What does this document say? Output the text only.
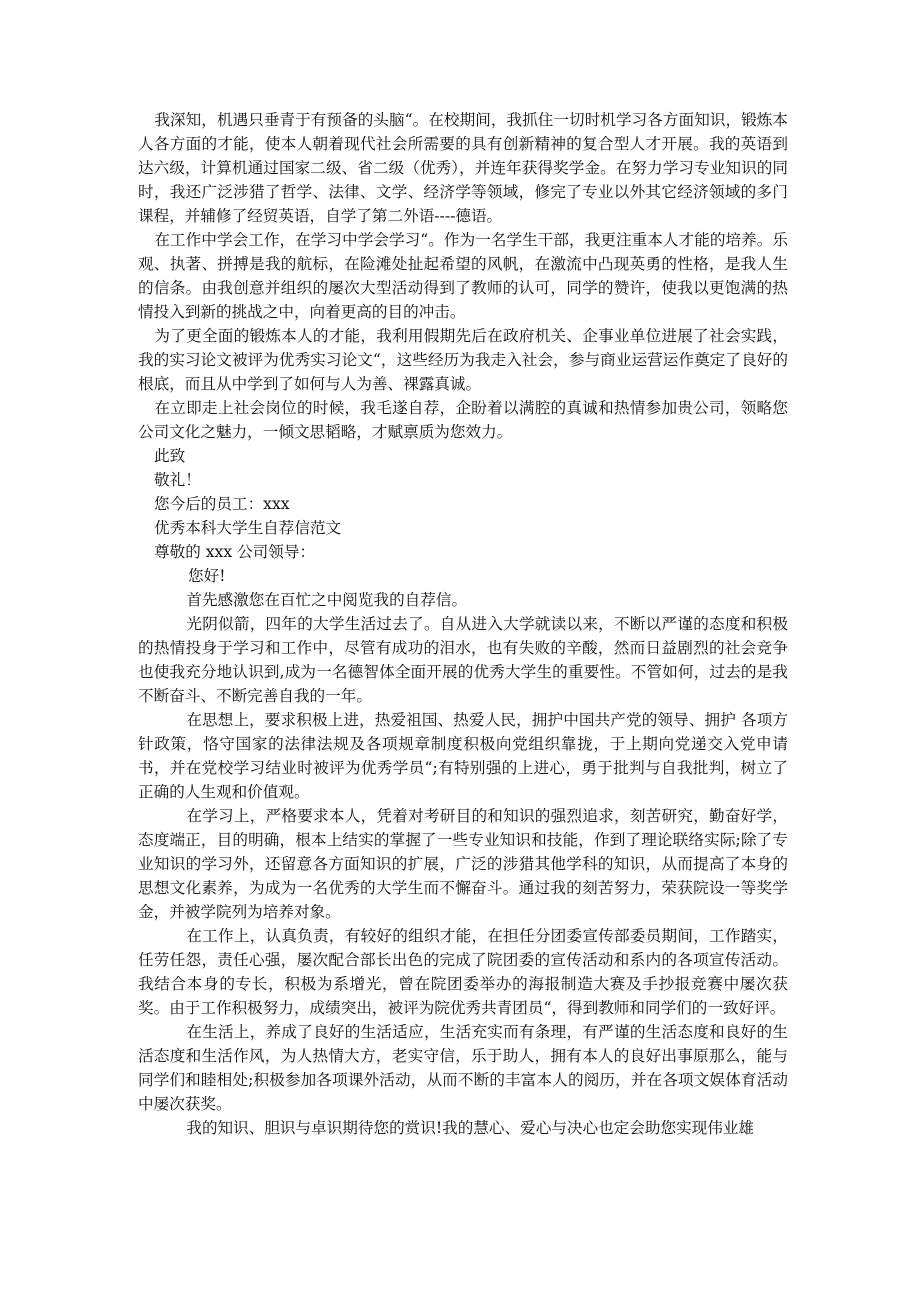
我深知，机遇只垂青于有预备的头脑“。在校期间，我抓住一切时机学习各方面知识，锻炼本人各方面的才能，使本人朝着现代社会所需要的具有创新精神的复合型人才开展。我的英语到达六级，计算机通过国家二级、省二级（优秀），并连年获得奖学金。在努力学习专业知识的同时，我还广泛涉猎了哲学、法律、文学、经济学等领域，修完了专业以外其它经济领域的多门课程，并辅修了经贸英语，自学了第二外语----德语。

在工作中学会工作，在学习中学会学习“。作为一名学生干部，我更注重本人才能的培养。乐观、执著、拼搏是我的航标，在险滩处扯起希望的风帆，在激流中凸现英勇的性格，是我人生的信条。由我创意并组织的屡次大型活动得到了教师的认可，同学的赞许，使我以更饱满的热情投入到新的挑战之中，向着更高的目的冲击。

为了更全面的锻炼本人的才能，我利用假期先后在政府机关、企事业单位进展了社会实践，我的实习论文被评为优秀实习论文“，这些经历为我走入社会，参与商业运营运作奠定了良好的根底，而且从中学到了如何与人为善、裸露真诚。

在立即走上社会岗位的时候，我毛遂自荐，企盼着以满腔的真诚和热情参加贵公司，领略您公司文化之魅力，一倾文思韬略，才赋禀质为您效力。

此致

敬礼！

您今后的员工：xxx

优秀本科大学生自荐信范文

尊敬的 xxx 公司领导：

您好!

首先感激您在百忙之中阅览我的自荐信。

光阴似箭，四年的大学生活过去了。自从进入大学就读以来，不断以严谨的态度和积极的热情投身于学习和工作中，尽管有成功的泪水，也有失败的辛酸，然而日益剧烈的社会竞争也使我充分地认识到,成为一名德智体全面开展的优秀大学生的重要性。不管如何，过去的是我不断奋斗、不断完善自我的一年。

在思想上，要求积极上进，热爱祖国、热爱人民，拥护中国共产党的领导、拥护 各项方针政策，恪守国家的法律法规及各项规章制度积极向党组织靠拢，于上期向党递交入党申请书，并在党校学习结业时被评为优秀学员“;有特别强的上进心，勇于批判与自我批判，树立了正确的人生观和价值观。

在学习上，严格要求本人，凭着对考研目的和知识的强烈追求，刻苦研究，勤奋好学，态度端正，目的明确，根本上结实的掌握了一些专业知识和技能，作到了理论联络实际;除了专业知识的学习外，还留意各方面知识的扩展，广泛的涉猎其他学科的知识，从而提高了本身的思想文化素养，为成为一名优秀的大学生而不懈奋斗。通过我的刻苦努力，荣获院设一等奖学金，并被学院列为培养对象。

在工作上，认真负责，有较好的组织才能，在担任分团委宣传部委员期间，工作踏实，任劳任怨，责任心强，屡次配合部长出色的完成了院团委的宣传活动和系内的各项宣传活动。我结合本身的专长，积极为系增光，曾在院团委举办的海报制造大赛及手抄报竞赛中屡次获奖。由于工作积极努力，成绩突出，被评为院优秀共青团员“，得到教师和同学们的一致好评。

在生活上，养成了良好的生活适应，生活充实而有条理，有严谨的生活态度和良好的生活态度和生活作风，为人热情大方，老实守信，乐于助人，拥有本人的良好出事原那么，能与同学们和睦相处;积极参加各项课外活动，从而不断的丰富本人的阅历，并在各项文娱体育活动中屡次获奖。

我的知识、胆识与卓识期待您的赏识!我的慧心、爱心与决心也定会助您实现伟业雄
